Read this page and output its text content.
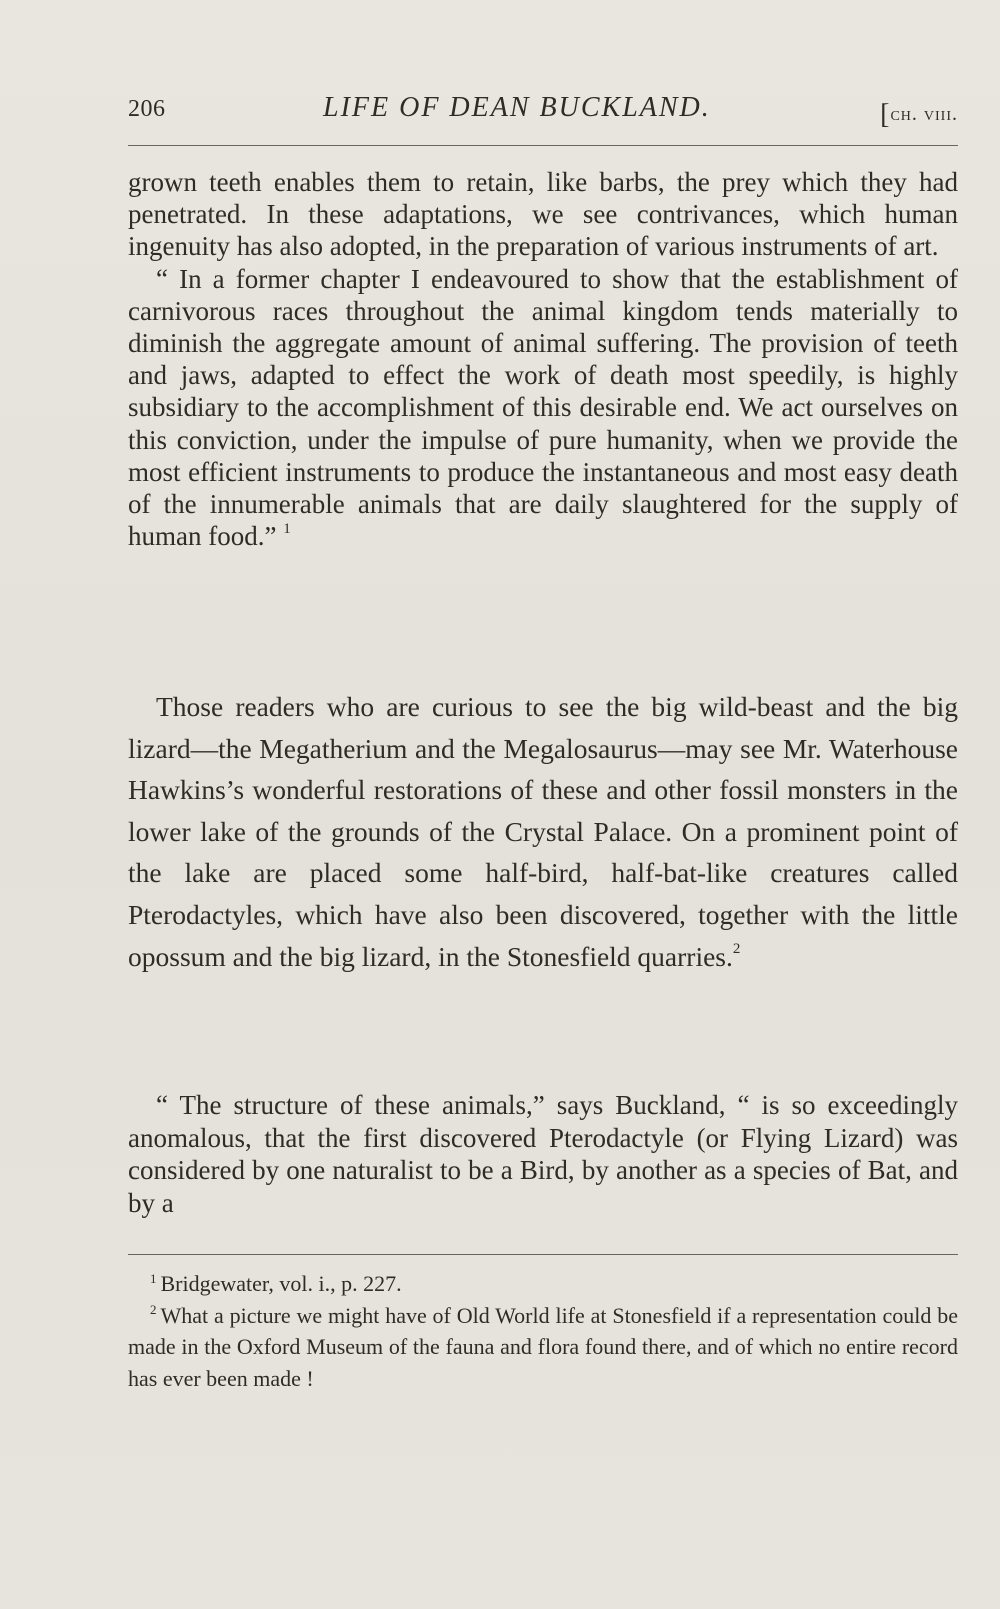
206	LIFE OF DEAN BUCKLAND.	[ch. viii.

grown teeth enables them to retain, like barbs, the prey which they had penetrated. In these adaptations, we see contrivances, which human ingenuity has also adopted, in the preparation of various instruments of art.

“ In a former chapter I endeavoured to show that the establishment of carnivorous races throughout the animal kingdom tends materially to diminish the aggregate amount of animal suffering. The provision of teeth and jaws, adapted to effect the work of death most speedily, is highly subsidiary to the accomplishment of this desirable end. We act ourselves on this conviction, under the impulse of pure humanity, when we provide the most efficient instruments to produce the instantaneous and most easy death of the innumerable animals that are daily slaughtered for the supply of human food.” $^1$

Those readers who are curious to see the big wild-beast and the big lizard—the Megatherium and the Megalosaurus—may see Mr. Waterhouse Hawkins’s wonderful restorations of these and other fossil monsters in the lower lake of the grounds of the Crystal Palace. On a prominent point of the lake are placed some half-bird, half-bat-like creatures called Pterodactyles, which have also been discovered, together with the little opossum and the big lizard, in the Stonesfield quarries.$^2$

“ The structure of these animals,” says Buckland, “ is so exceedingly anomalous, that the first discovered Pterodactyle (or Flying Lizard) was considered by one naturalist to be a Bird, by another as a species of Bat, and by a

$^1$ Bridgewater, vol. i., p. 227.

$^2$ What a picture we might have of Old World life at Stonesfield if a representation could be made in the Oxford Museum of the fauna and flora found there, and of which no entire record has ever been made !
